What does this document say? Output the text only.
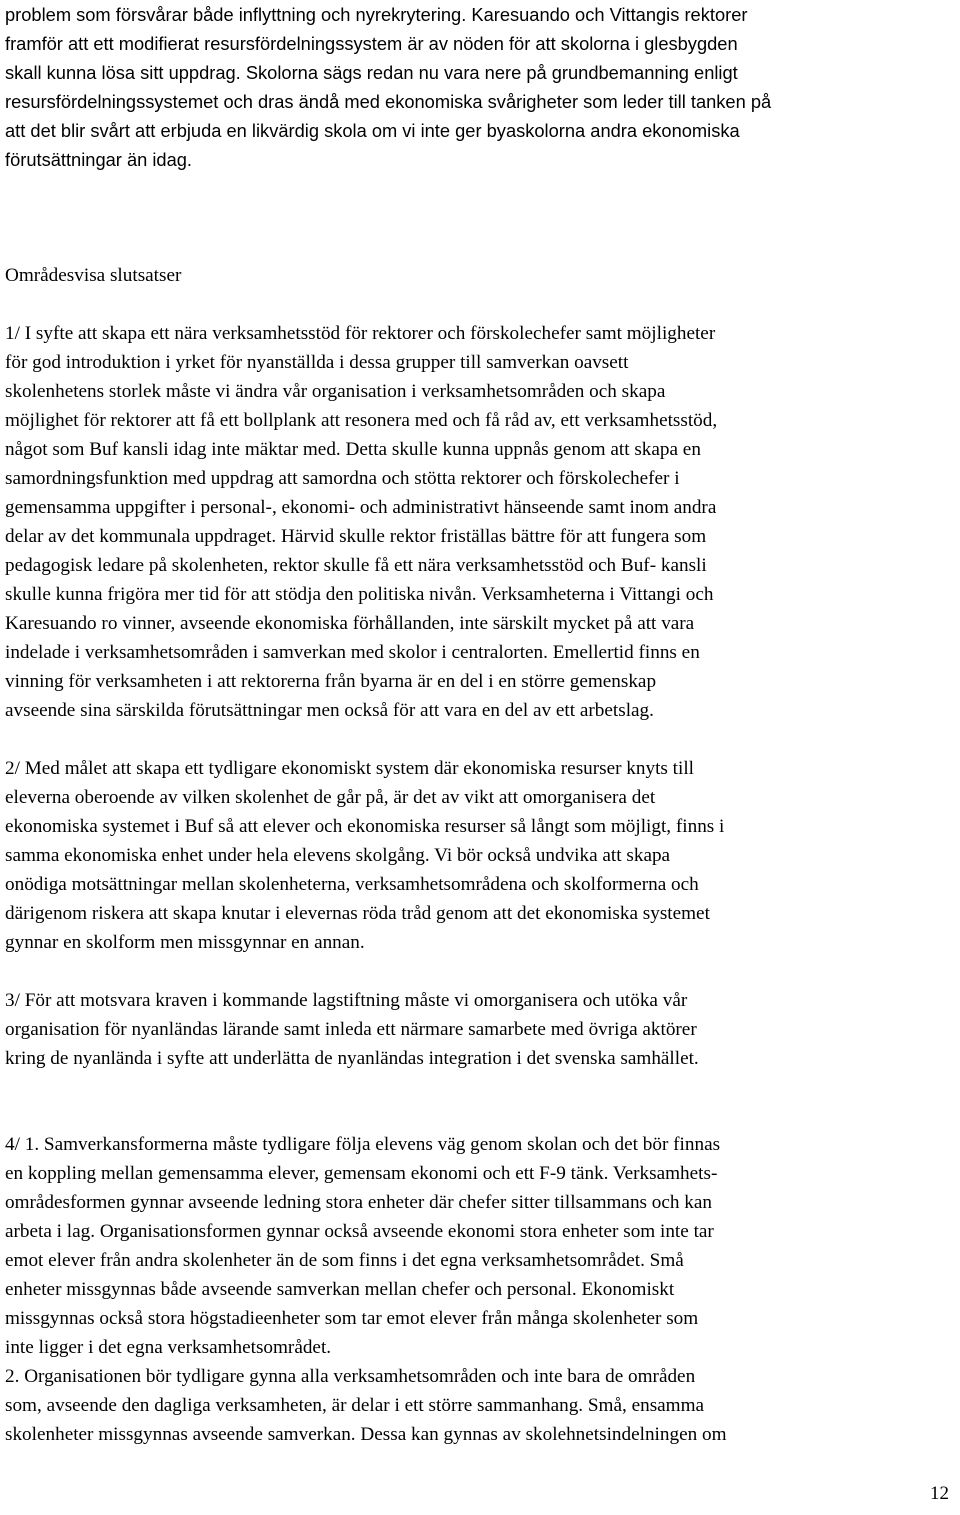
problem som försvårar både inflyttning och nyrekrytering. Karesuando och Vittangis rektorer
framför att ett modifierat resursfördelningssystem är av nöden för att skolorna i glesbygden
skall kunna lösa sitt uppdrag. Skolorna sägs redan nu vara nere på grundbemanning enligt
resursfördelningssystemet och dras ändå med ekonomiska svårigheter som leder till tanken på
att det blir svårt att erbjuda en likvärdig skola om vi inte ger byaskolorna andra ekonomiska
förutsättningar än idag.

Områdesvisa slutsatser

1/ I syfte att skapa ett nära verksamhetsstöd för rektorer och förskolechefer samt möjligheter
för god introduktion i yrket för nyanställda i dessa grupper till samverkan oavsett
skolenhetens storlek måste vi ändra vår organisation i verksamhetsområden och skapa
möjlighet för rektorer att få ett bollplank att resonera med och få råd av, ett verksamhetsstöd,
något som Buf kansli idag inte mäktar med. Detta skulle kunna uppnås genom att skapa en
samordningsfunktion med uppdrag att samordna och stötta rektorer och förskolechefer i
gemensamma uppgifter i personal-, ekonomi- och administrativt hänseende samt inom andra
delar av det kommunala uppdraget. Härvid skulle rektor friställas bättre för att fungera som
pedagogisk ledare på skolenheten, rektor skulle få ett nära verksamhetsstöd och Buf- kansli
skulle kunna frigöra mer tid för att stödja den politiska nivån. Verksamheterna i Vittangi och
Karesuando ro vinner, avseende ekonomiska förhållanden, inte särskilt mycket på att vara
indelade i verksamhetsområden i samverkan med skolor i centralorten. Emellertid finns en
vinning för verksamheten i att rektorerna från byarna är en del i en större gemenskap
avseende sina särskilda förutsättningar men också för att vara en del av ett arbetslag.

2/ Med målet att skapa ett tydligare ekonomiskt system där ekonomiska resurser knyts till
eleverna oberoende av vilken skolenhet de går på, är det av vikt att omorganisera det
ekonomiska systemet i Buf så att elever och ekonomiska resurser så långt som möjligt, finns i
samma ekonomiska enhet under hela elevens skolgång. Vi bör också undvika att skapa
onödiga motsättningar mellan skolenheterna, verksamhetsområdena och skolformerna och
därigenom riskera att skapa knutar i elevernas röda tråd genom att det ekonomiska systemet
gynnar en skolform men missgynnar en annan.

3/ För att motsvara kraven i kommande lagstiftning måste vi omorganisera och utöka vår
organisation för nyanländas lärande samt inleda ett närmare samarbete med övriga aktörer
kring de nyanlända i syfte att underlätta de nyanländas integration i det svenska samhället.

4/ 1. Samverkansformerna måste tydligare följa elevens väg genom skolan och det bör finnas
en koppling mellan gemensamma elever, gemensam ekonomi och ett F-9 tänk. Verksamhets-
områdesformen gynnar avseende ledning stora enheter där chefer sitter tillsammans och kan
arbeta i lag. Organisationsformen gynnar också avseende ekonomi stora enheter som inte tar
emot elever från andra skolenheter än de som finns i det egna verksamhetsområdet. Små
enheter missgynnas både avseende samverkan mellan chefer och personal. Ekonomiskt
missgynnas också stora högstadieenheter som tar emot elever från många skolenheter som
inte ligger i det egna verksamhetsområdet.
2. Organisationen bör tydligare gynna alla verksamhetsområden och inte bara de områden
som, avseende den dagliga verksamheten, är delar i ett större sammanhang. Små, ensamma
skolenheter missgynnas avseende samverkan. Dessa kan gynnas av skolehnetsindelningen om

12
